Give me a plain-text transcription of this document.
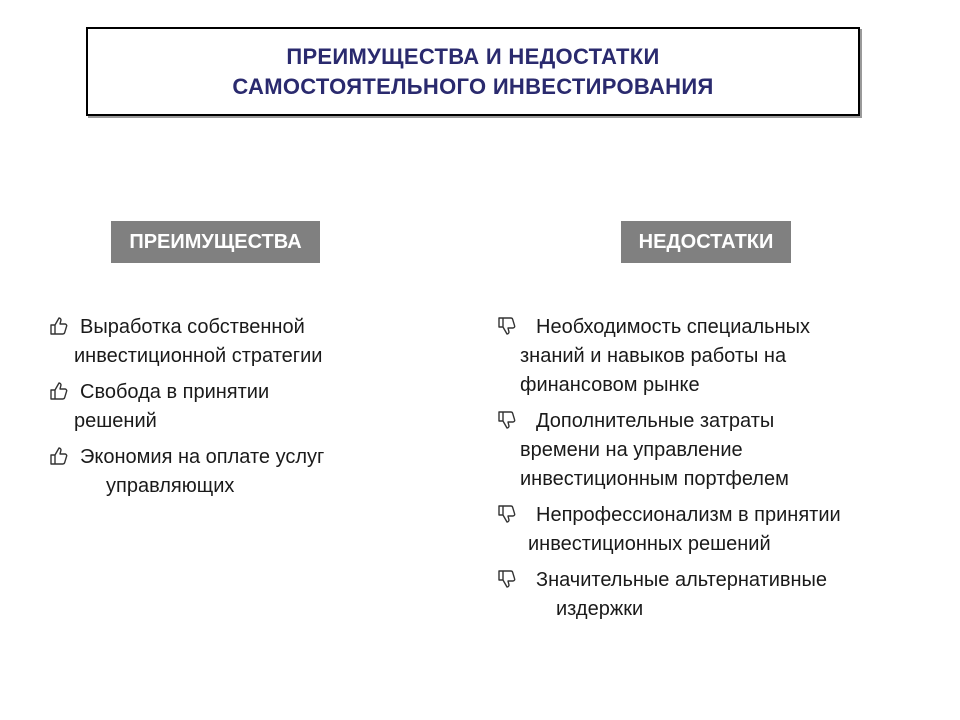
ПРЕИМУЩЕСТВА И НЕДОСТАТКИ
САМОСТОЯТЕЛЬНОГО ИНВЕСТИРОВАНИЯ
ПРЕИМУЩЕСТВА	НЕДОСТАТКИ
Выработка собственной
инвестиционной стратегии
Свобода в принятии
решений
Экономия на оплате услуг
управляющих
Необходимость специальных
знаний и навыков работы на
финансовом рынке
Дополнительные затраты
времени на управление
инвестиционным портфелем
Непрофессионализм в принятии
инвестиционных решений
Значительные альтернативные
издержки
